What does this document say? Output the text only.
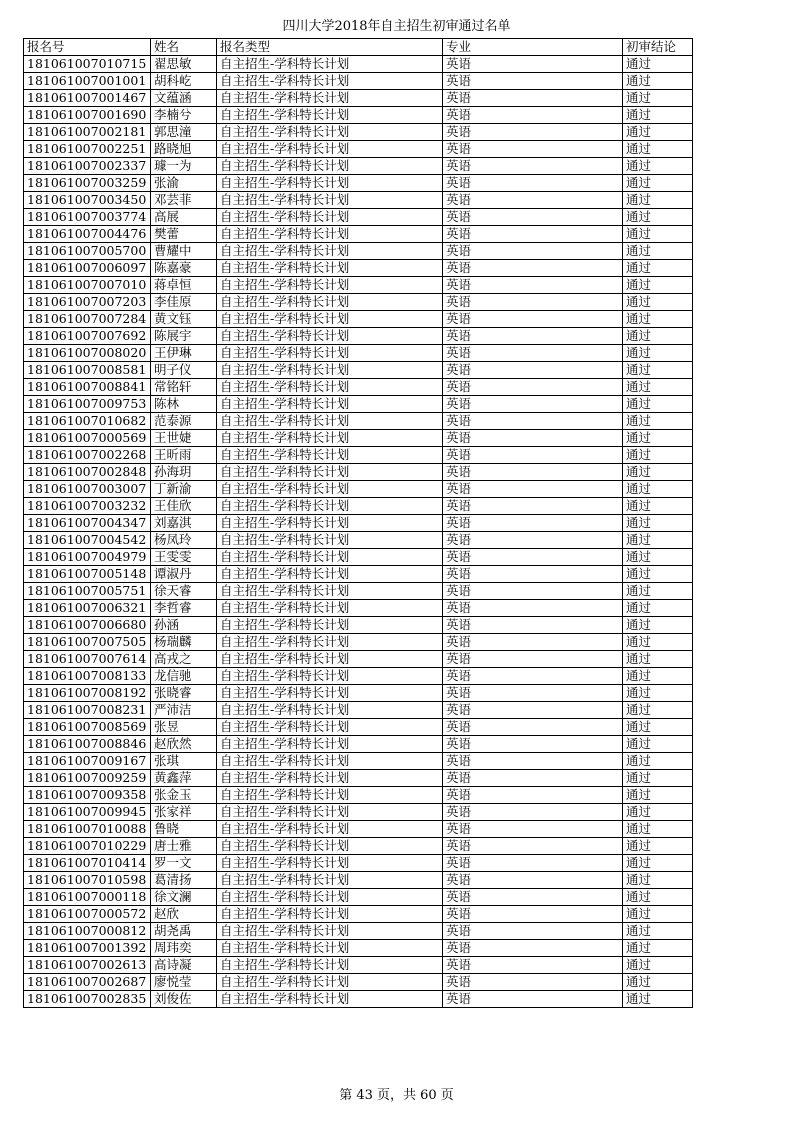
四川大学2018年自主招生初审通过名单
报名号	姓名	报名类型	专业	初审结论
181061007010715	翟思敏	自主招生-学科特长计划	英语	通过
181061007001001	胡科屹	自主招生-学科特长计划	英语	通过
181061007001467	文蕴涵	自主招生-学科特长计划	英语	通过
181061007001690	李楠兮	自主招生-学科特长计划	英语	通过
181061007002181	郭思潼	自主招生-学科特长计划	英语	通过
181061007002251	路晓旭	自主招生-学科特长计划	英语	通过
181061007002337	璩一为	自主招生-学科特长计划	英语	通过
181061007003259	张渝	自主招生-学科特长计划	英语	通过
181061007003450	邓芸菲	自主招生-学科特长计划	英语	通过
181061007003774	高展	自主招生-学科特长计划	英语	通过
181061007004476	樊蕾	自主招生-学科特长计划	英语	通过
181061007005700	曹耀中	自主招生-学科特长计划	英语	通过
181061007006097	陈嘉豪	自主招生-学科特长计划	英语	通过
181061007007010	蒋卓恒	自主招生-学科特长计划	英语	通过
181061007007203	李佳原	自主招生-学科特长计划	英语	通过
181061007007284	黄文钰	自主招生-学科特长计划	英语	通过
181061007007692	陈展宇	自主招生-学科特长计划	英语	通过
181061007008020	王伊琳	自主招生-学科特长计划	英语	通过
181061007008581	明子仪	自主招生-学科特长计划	英语	通过
181061007008841	常铭轩	自主招生-学科特长计划	英语	通过
181061007009753	陈林	自主招生-学科特长计划	英语	通过
181061007010682	范泰源	自主招生-学科特长计划	英语	通过
181061007000569	王世婕	自主招生-学科特长计划	英语	通过
181061007002268	王昕雨	自主招生-学科特长计划	英语	通过
181061007002848	孙海玥	自主招生-学科特长计划	英语	通过
181061007003007	丁新渝	自主招生-学科特长计划	英语	通过
181061007003232	王佳欣	自主招生-学科特长计划	英语	通过
181061007004347	刘嘉淇	自主招生-学科特长计划	英语	通过
181061007004542	杨凤玲	自主招生-学科特长计划	英语	通过
181061007004979	王雯雯	自主招生-学科特长计划	英语	通过
181061007005148	谭淑丹	自主招生-学科特长计划	英语	通过
181061007005751	徐天睿	自主招生-学科特长计划	英语	通过
181061007006321	李哲睿	自主招生-学科特长计划	英语	通过
181061007006680	孙涵	自主招生-学科特长计划	英语	通过
181061007007505	杨瑞麟	自主招生-学科特长计划	英语	通过
181061007007614	高戎之	自主招生-学科特长计划	英语	通过
181061007008133	龙信驰	自主招生-学科特长计划	英语	通过
181061007008192	张晓睿	自主招生-学科特长计划	英语	通过
181061007008231	严沛洁	自主招生-学科特长计划	英语	通过
181061007008569	张昱	自主招生-学科特长计划	英语	通过
181061007008846	赵欣然	自主招生-学科特长计划	英语	通过
181061007009167	张琪	自主招生-学科特长计划	英语	通过
181061007009259	黄鑫萍	自主招生-学科特长计划	英语	通过
181061007009358	张金玉	自主招生-学科特长计划	英语	通过
181061007009945	张家祥	自主招生-学科特长计划	英语	通过
181061007010088	鲁晓	自主招生-学科特长计划	英语	通过
181061007010229	唐士雅	自主招生-学科特长计划	英语	通过
181061007010414	罗一文	自主招生-学科特长计划	英语	通过
181061007010598	葛清扬	自主招生-学科特长计划	英语	通过
181061007000118	徐文澜	自主招生-学科特长计划	英语	通过
181061007000572	赵欣	自主招生-学科特长计划	英语	通过
181061007000812	胡尧禹	自主招生-学科特长计划	英语	通过
181061007001392	周玮奕	自主招生-学科特长计划	英语	通过
181061007002613	高诗凝	自主招生-学科特长计划	英语	通过
181061007002687	廖悦莹	自主招生-学科特长计划	英语	通过
181061007002835	刘俊佐	自主招生-学科特长计划	英语	通过
第 43 页，共 60 页
